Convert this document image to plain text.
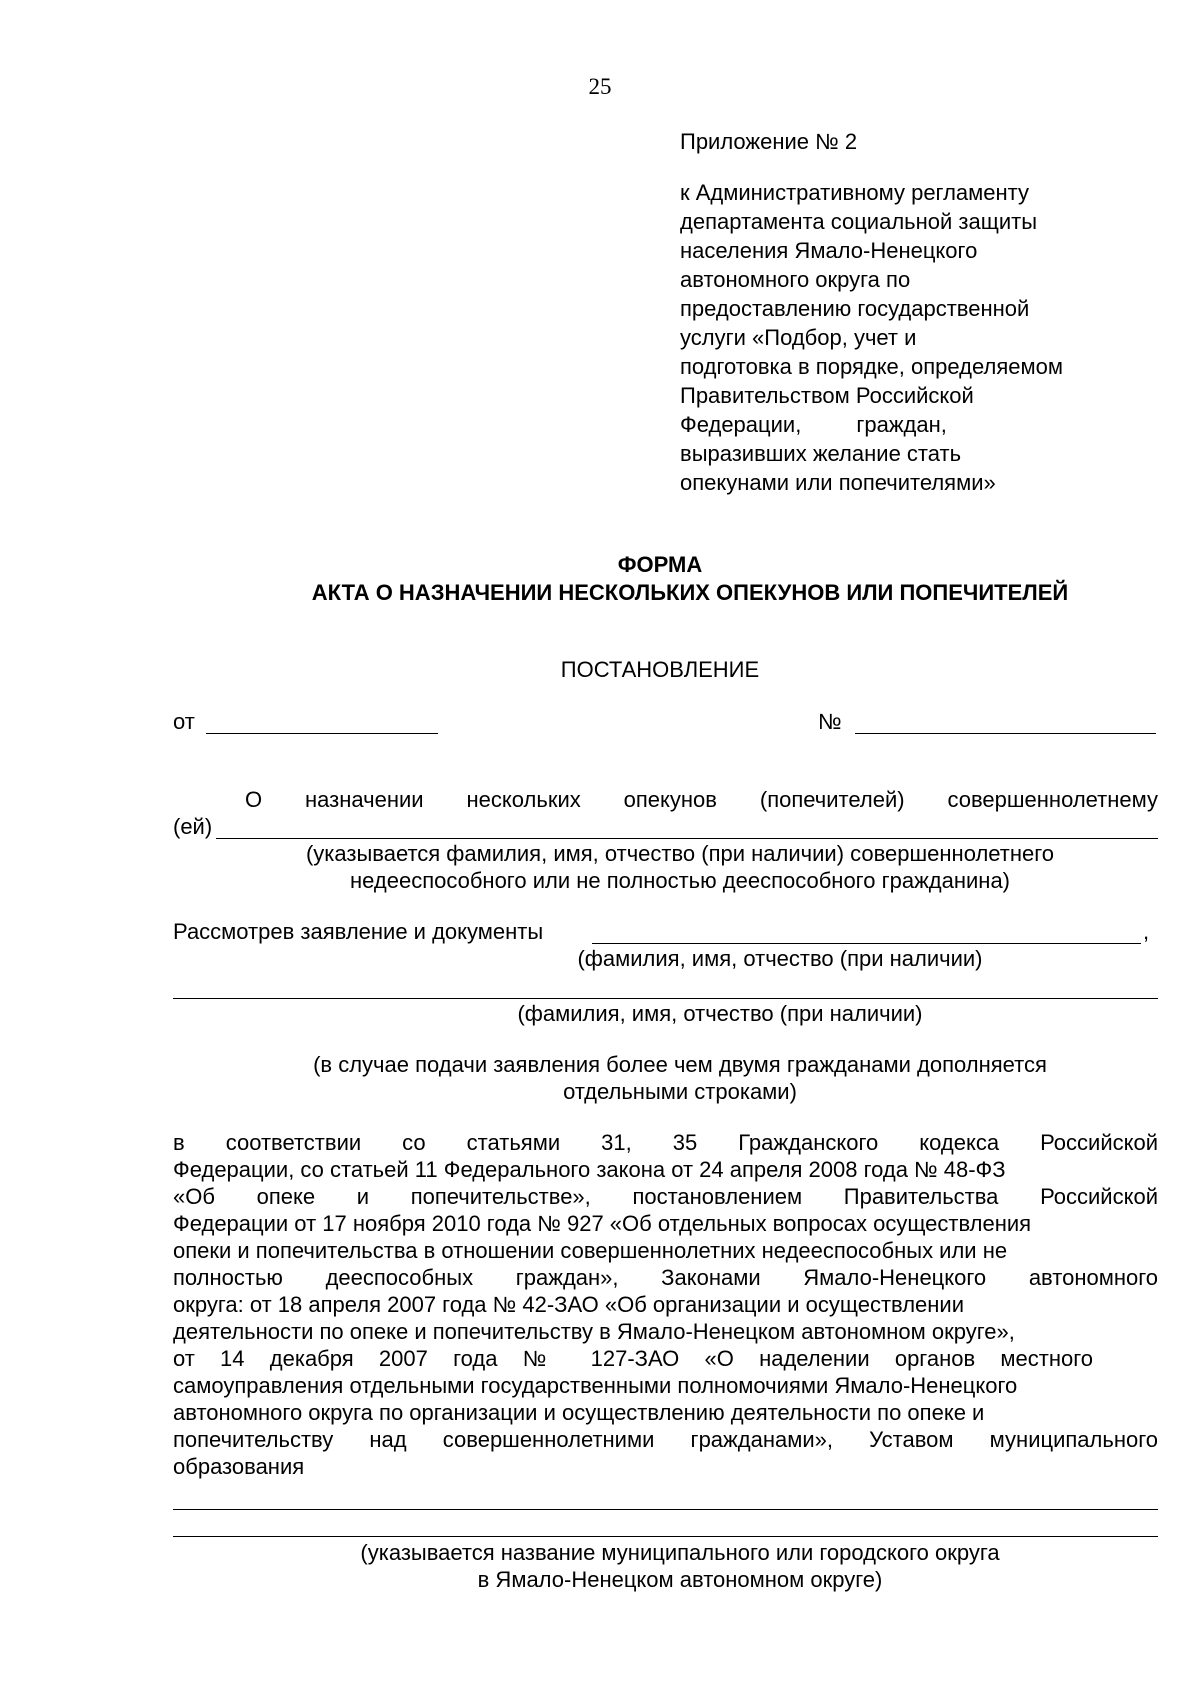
25
Приложение № 2
к Административному регламенту
департамента социальной защиты
населения Ямало-Ненецкого
автономного округа по
предоставлению государственной
услуги «Подбор, учет и
подготовка в порядке, определяемом
Правительством Российской
Федерации,         граждан,
выразивших желание стать
опекунами или попечителями»
ФОРМА
АКТА О НАЗНАЧЕНИИ НЕСКОЛЬКИХ ОПЕКУНОВ ИЛИ ПОПЕЧИТЕЛЕЙ
ПОСТАНОВЛЕНИЕ
от	№
О назначении нескольких опекунов (попечителей) совершеннолетнему
(ей)
(указывается фамилия, имя, отчество (при наличии) совершеннолетнего
недееспособного или не полностью дееспособного гражданина)
Рассмотрев заявление и документы	,
(фамилия, имя, отчество (при наличии)
(фамилия, имя, отчество (при наличии)
(в случае подачи заявления более чем двумя гражданами дополняется
отдельными строками)
в соответствии со статьями 31, 35 Гражданского кодекса Российской
Федерации, со статьей 11 Федерального закона от 24 апреля 2008 года № 48-ФЗ
«Об опеке и попечительстве», постановлением Правительства Российской
Федерации от 17 ноября 2010 года № 927 «Об отдельных вопросах осуществления
опеки и попечительства в отношении совершеннолетних недееспособных или не
полностью дееспособных граждан», Законами Ямало-Ненецкого автономного
округа: от 18 апреля 2007 года № 42-ЗАО «Об организации и осуществлении
деятельности по опеке и попечительству в Ямало-Ненецком автономном округе»,
от 14 декабря 2007 года № 127-ЗАО «О наделении органов местного
самоуправления отдельными государственными полномочиями Ямало-Ненецкого
автономного округа по организации и осуществлению деятельности по опеке и
попечительству над совершеннолетними гражданами», Уставом муниципального
образования
(указывается название муниципального или городского округа
в Ямало-Ненецком автономном округе)
